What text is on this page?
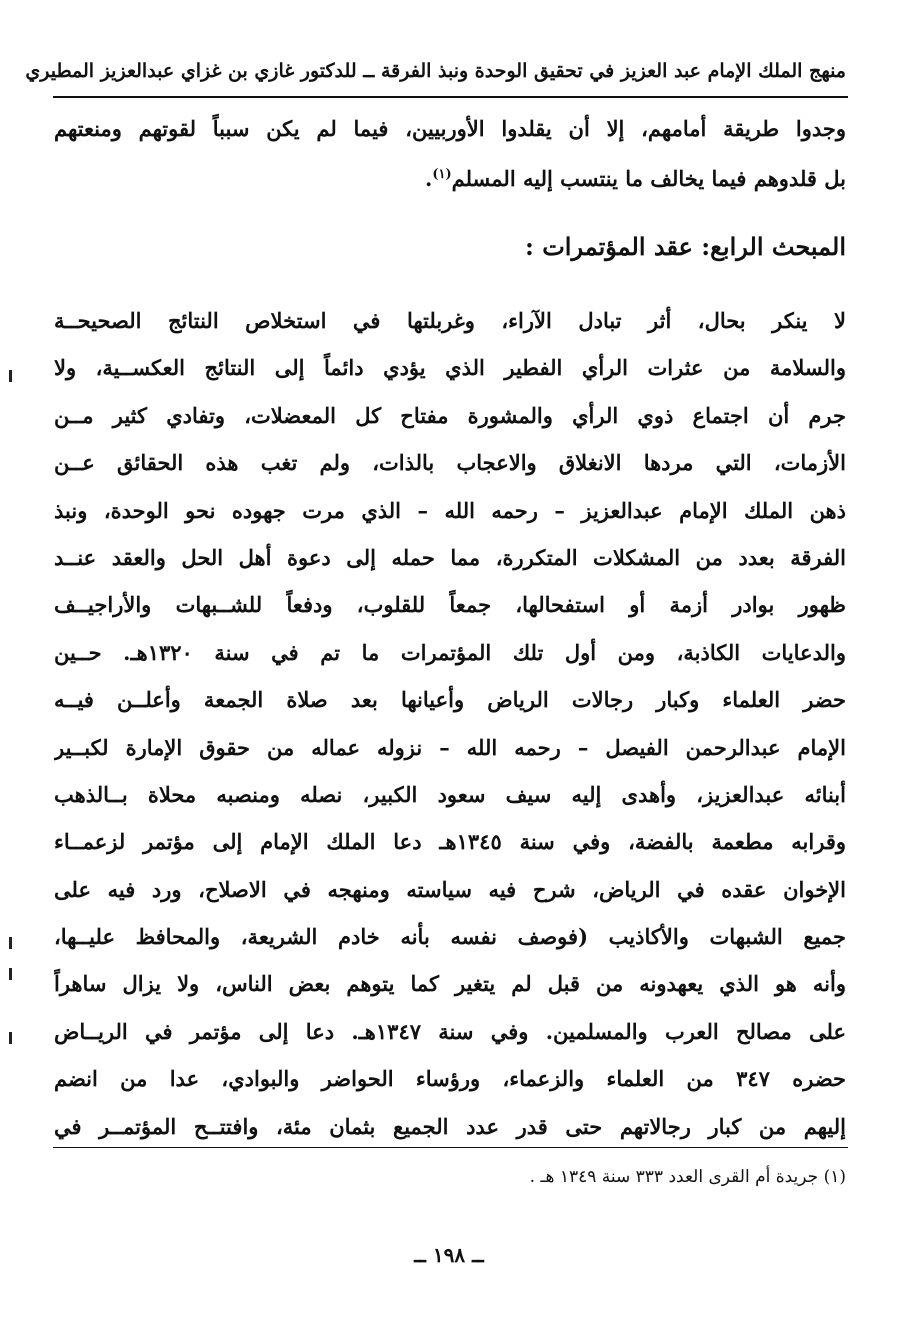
منهج الملك الإمام عبد العزيز في تحقيق الوحدة ونبذ الفرقة ــ للدكتور غازي بن غزاي عبدالعزيز المطيري
وجدوا طريقة أمامهم، إلا أن يقلدوا الأوربيين، فيما لم يكن سبباً لقوتهم ومنعتهم
بل قلدوهم فيما يخالف ما ينتسب إليه المسلم$^{(١)}$.
المبحث الرابع: عقد المؤتمرات :
لا ينكر بحال، أثر تبادل الآراء، وغربلتها في استخلاص النتائج الصحيحــة
والسلامة من عثرات الرأي الفطير الذي يؤدي دائماً إلى النتائج العكســية، ولا
جرم أن اجتماع ذوي الرأي والمشورة مفتاح كل المعضلات، وتفادي كثير مــن
الأزمات، التي مردها الانغلاق والاعجاب بالذات، ولم تغب هذه الحقائق عــن
ذهن الملك الإمام عبدالعزيز – رحمه الله – الذي مرت جهوده نحو الوحدة، ونبذ
الفرقة بعدد من المشكلات المتكررة، مما حمله إلى دعوة أهل الحل والعقد عنــد
ظهور بوادر أزمة أو استفحالها، جمعاً للقلوب، ودفعاً للشــبهات والأراجيــف
والدعايات الكاذبة، ومن أول تلك المؤتمرات ما تم في سنة ١٣٢٠هـ. حــين
حضر العلماء وكبار رجالات الرياض وأعيانها بعد صلاة الجمعة وأعلــن فيــه
الإمام عبدالرحمن الفيصل – رحمه الله – نزوله عماله من حقوق الإمارة لكبــير
أبنائه عبدالعزيز، وأهدى إليه سيف سعود الكبير، نصله ومنصبه محلاة بــالذهب
وقرابه مطعمة بالفضة، وفي سنة ١٣٤٥هـ دعا الملك الإمام إلى مؤتمر لزعمــاء
الإخوان عقده في الرياض، شرح فيه سياسته ومنهجه في الاصلاح، ورد فيه على
جميع الشبهات والأكاذيب (فوصف نفسه بأنه خادم الشريعة، والمحافظ عليــها،
وأنه هو الذي يعهدونه من قبل لم يتغير كما يتوهم بعض الناس، ولا يزال ساهراً
على مصالح العرب والمسلمين. وفي سنة ١٣٤٧هـ. دعا إلى مؤتمر في الريــاض
حضره ٣٤٧ من العلماء والزعماء، ورؤساء الحواضر والبوادي، عدا من انضم
إليهم من كبار رجالاتهم حتى قدر عدد الجميع بثمان مئة، وافتتــح المؤتمــر في
(١) جريدة أم القرى العدد ٣٣٣ سنة ١٣٤٩ هـ .
ــ ١٩٨ ــ
